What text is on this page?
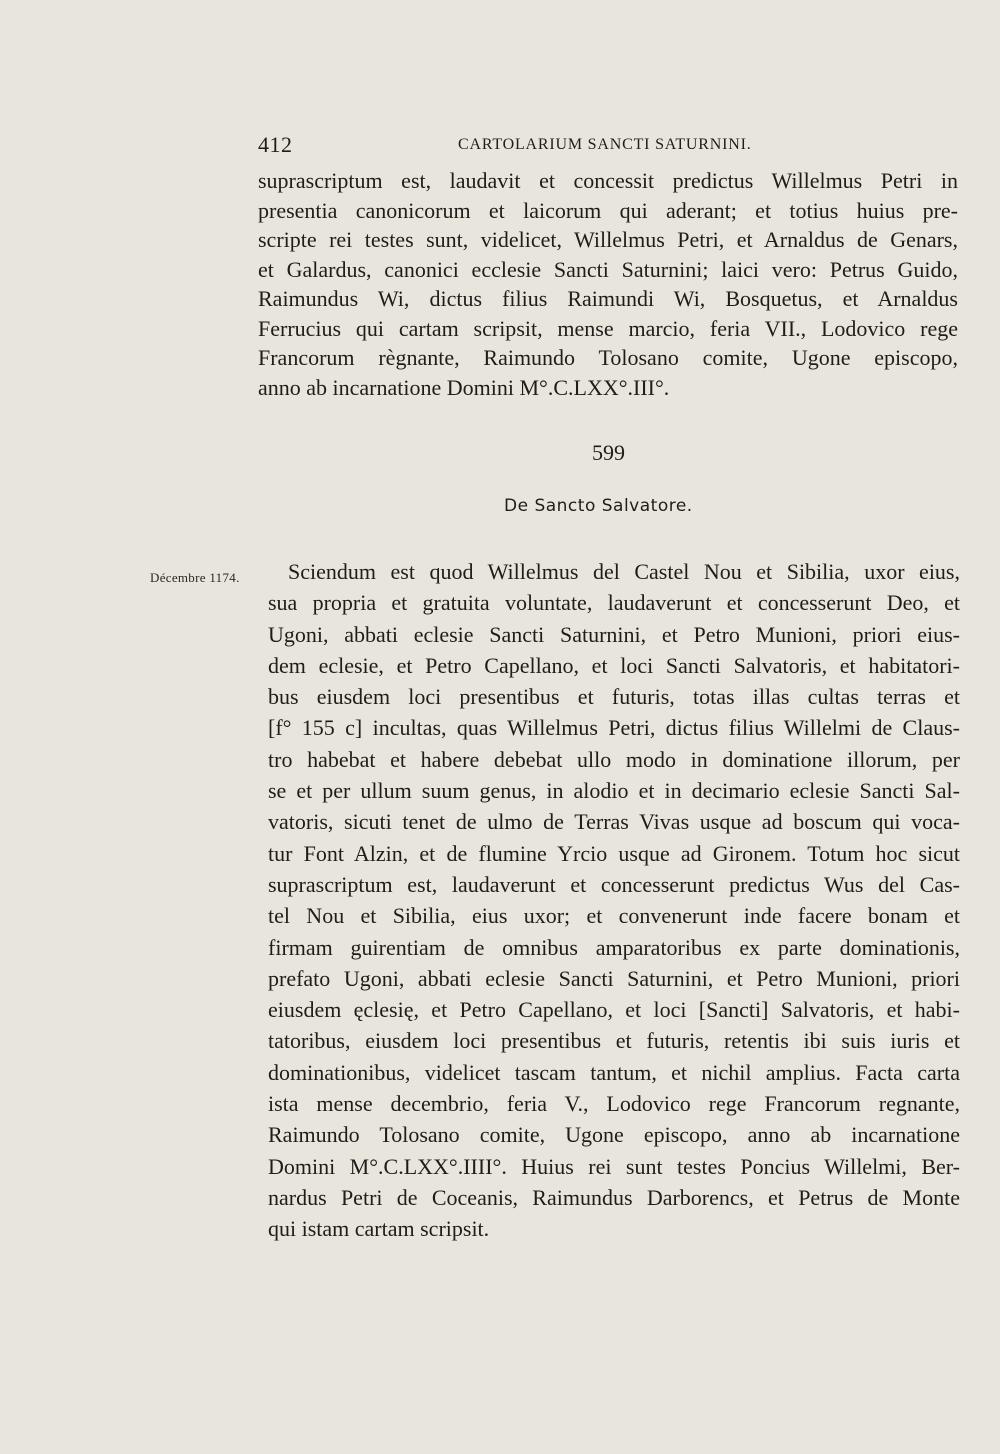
412	CARTOLARIUM SANCTI SATURNINI.
suprascriptum est, laudavit et concessit predictus Willelmus Petri in
presentia canonicorum et laicorum qui aderant; et totius huius pre-
scripte rei testes sunt, videlicet, Willelmus Petri, et Arnaldus de Genars,
et Galardus, canonici ecclesie Sancti Saturnini; laici vero: Petrus Guido,
Raimundus Wi, dictus filius Raimundi Wi, Bosquetus, et Arnaldus
Ferrucius qui cartam scripsit, mense marcio, feria VII., Lodovico rege
Francorum règnante, Raimundo Tolosano comite, Ugone episcopo,
anno ab incarnatione Domini M°.C.LXX°.III°.
599
De Sancto Salvatore.
Décembre 1174.	Sciendum est quod Willelmus del Castel Nou et Sibilia, uxor eius,
sua propria et gratuita voluntate, laudaverunt et concesserunt Deo, et
Ugoni, abbati eclesie Sancti Saturnini, et Petro Munioni, priori eius-
dem eclesie, et Petro Capellano, et loci Sancti Salvatoris, et habitatori-
bus eiusdem loci presentibus et futuris, totas illas cultas terras et
[f° 155 c] incultas, quas Willelmus Petri, dictus filius Willelmi de Claus-
tro habebat et habere debebat ullo modo in dominatione illorum, per
se et per ullum suum genus, in alodio et in decimario eclesie Sancti Sal-
vatoris, sicuti tenet de ulmo de Terras Vivas usque ad boscum qui voca-
tur Font Alzin, et de flumine Yrcio usque ad Gironem. Totum hoc sicut
suprascriptum est, laudaverunt et concesserunt predictus Wus del Cas-
tel Nou et Sibilia, eius uxor; et convenerunt inde facere bonam et
firmam guirentiam de omnibus amparatoribus ex parte dominationis,
prefato Ugoni, abbati eclesie Sancti Saturnini, et Petro Munioni, priori
eiusdem ęclesię, et Petro Capellano, et loci [Sancti] Salvatoris, et habi-
tatoribus, eiusdem loci presentibus et futuris, retentis ibi suis iuris et
dominationibus, videlicet tascam tantum, et nichil amplius. Facta carta
ista mense decembrio, feria V., Lodovico rege Francorum regnante,
Raimundo Tolosano comite, Ugone episcopo, anno ab incarnatione
Domini M°.C.LXX°.IIII°. Huius rei sunt testes Poncius Willelmi, Ber-
nardus Petri de Coceanis, Raimundus Darborencs, et Petrus de Monte
qui istam cartam scripsit.
